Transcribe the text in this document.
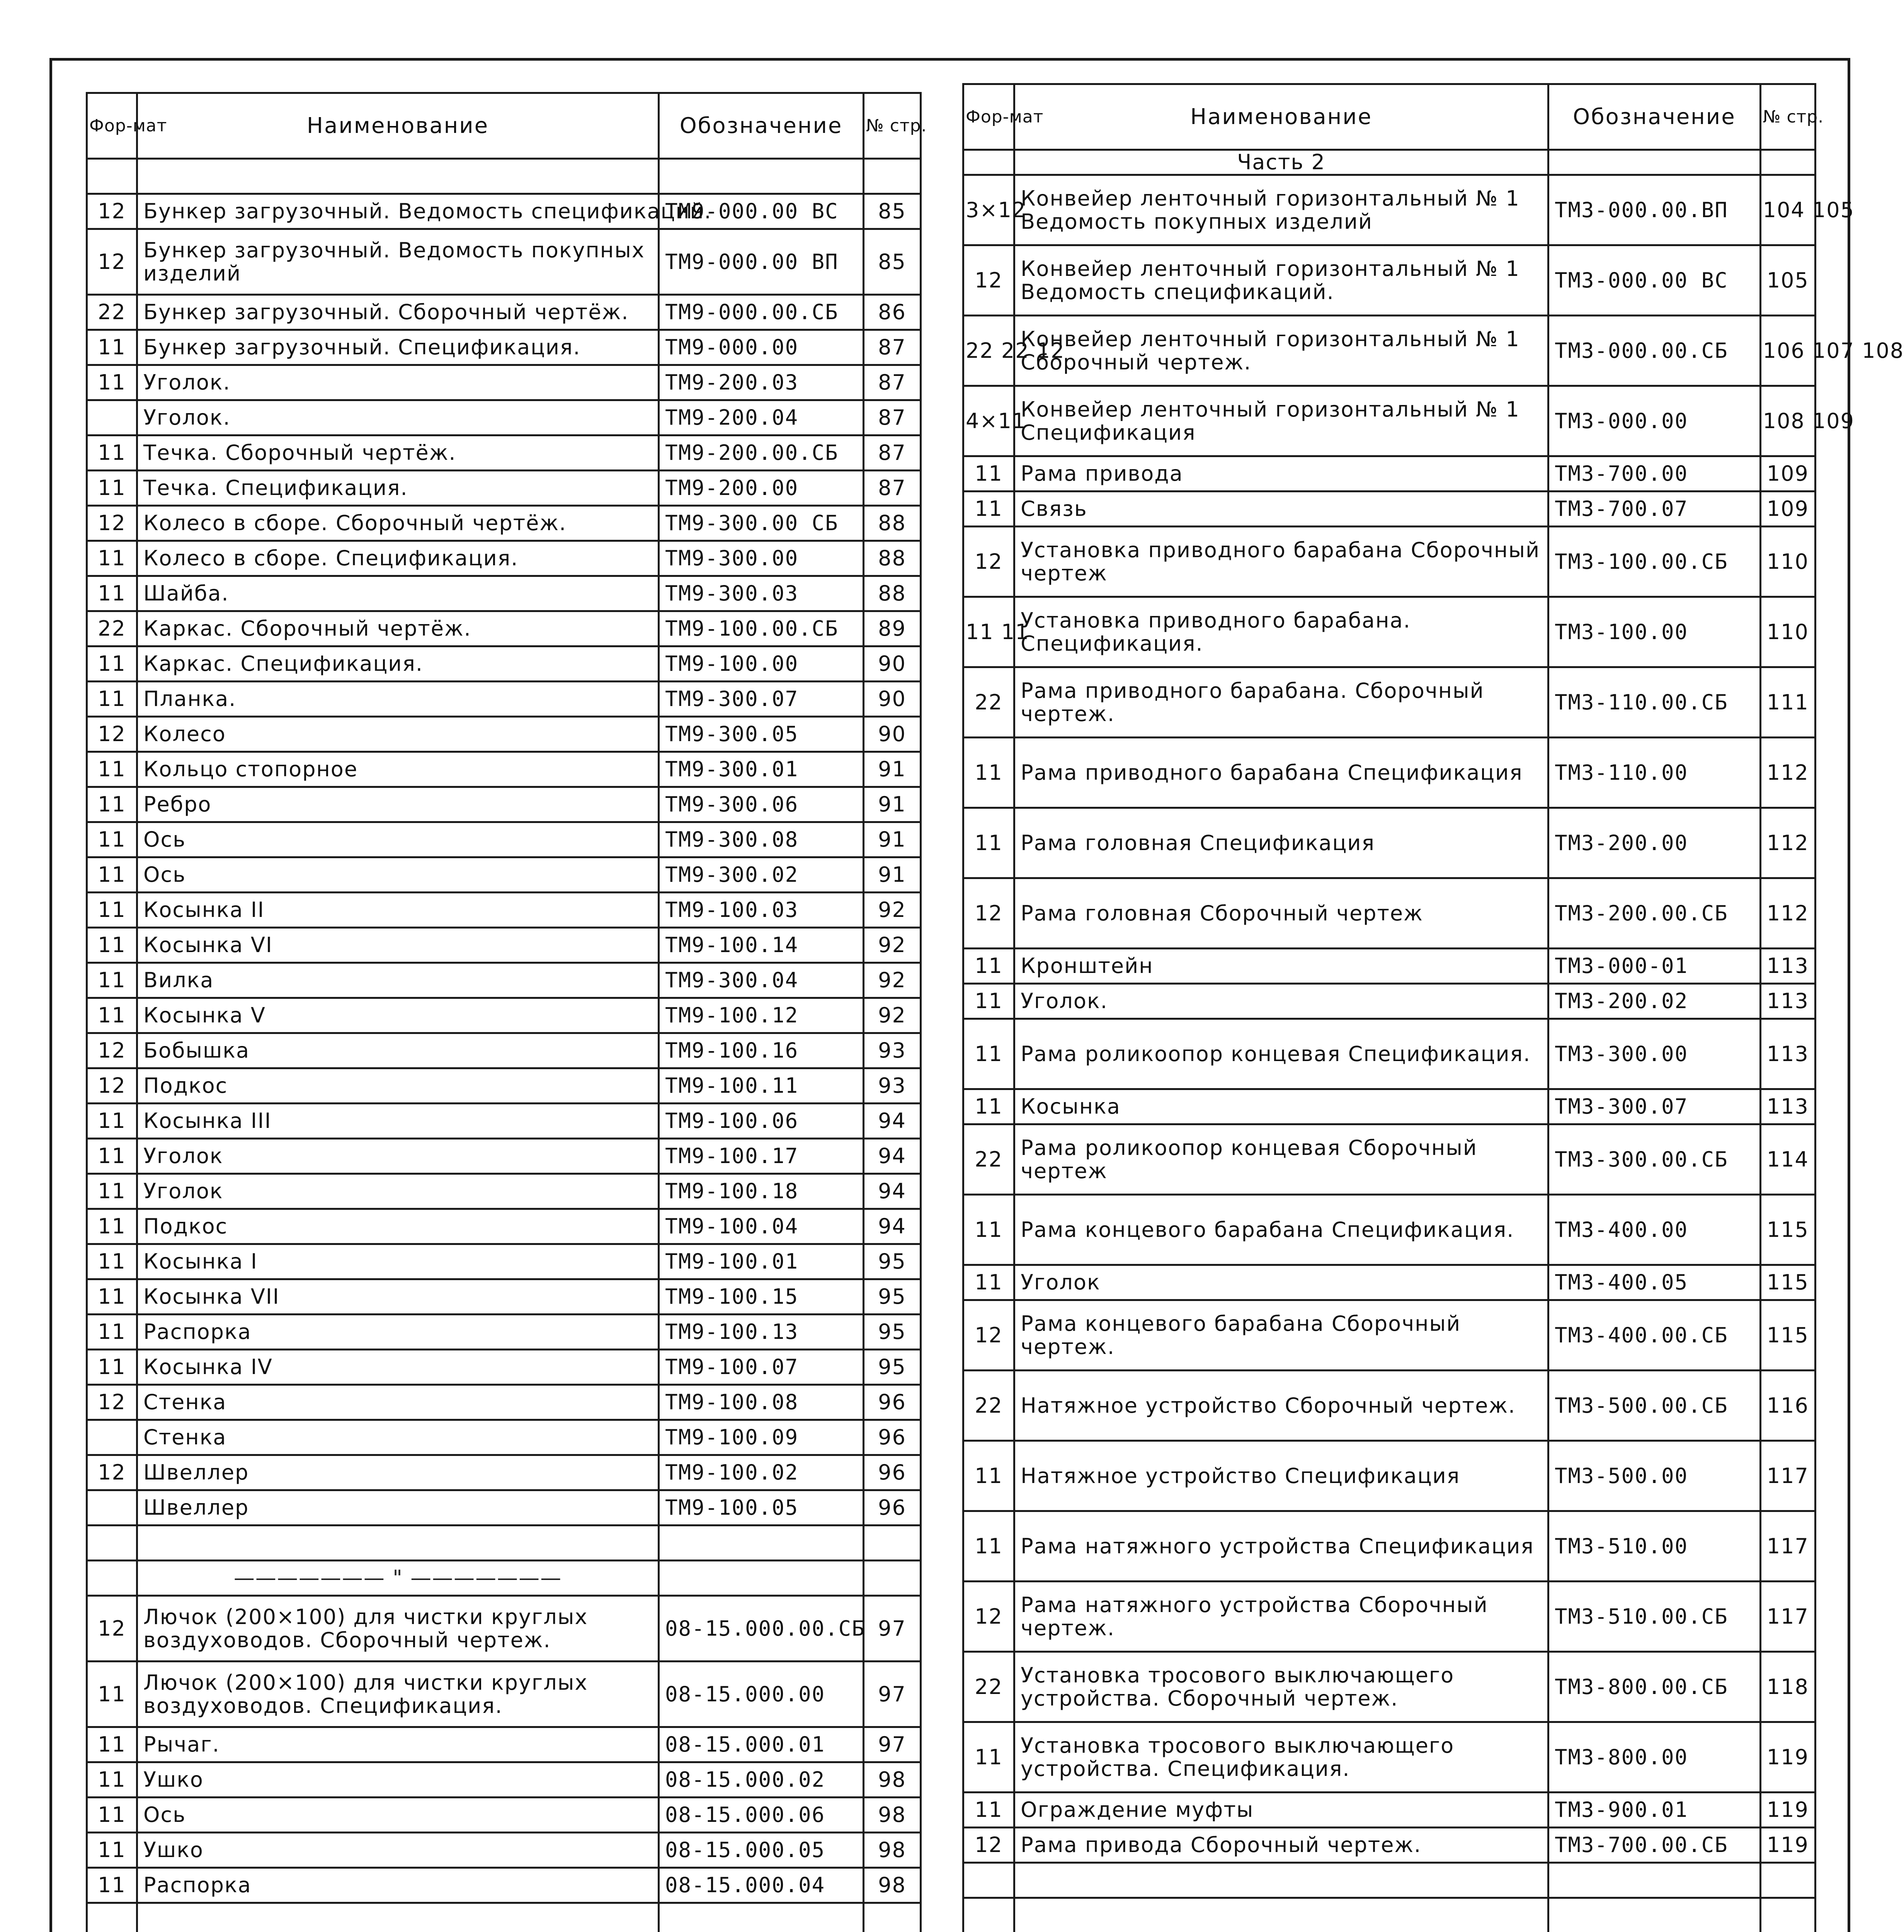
Фор-мат	Наименование	Обозначение	№ стр.

12	Бункер загрузочный. Ведомость спецификаций.	ТМ9-000.00 ВС	85
12	Бункер загрузочный. Ведомость покупных изделий	ТМ9-000.00 ВП	85
22	Бункер загрузочный. Сборочный чертёж.	ТМ9-000.00.СБ	86
11	Бункер загрузочный. Спецификация.	ТМ9-000.00	87
11	Уголок.	ТМ9-200.03	87
	Уголок.	ТМ9-200.04	87
11	Течка. Сборочный чертёж.	ТМ9-200.00.СБ	87
11	Течка. Спецификация.	ТМ9-200.00	87
12	Колесо в сборе. Сборочный чертёж.	ТМ9-300.00 СБ	88
11	Колесо в сборе. Спецификация.	ТМ9-300.00	88
11	Шайба.	ТМ9-300.03	88
22	Каркас. Сборочный чертёж.	ТМ9-100.00.СБ	89
11	Каркас. Спецификация.	ТМ9-100.00	90
11	Планка.	ТМ9-300.07	90
12	Колесо	ТМ9-300.05	90
11	Кольцо стопорное	ТМ9-300.01	91
11	Ребро	ТМ9-300.06	91
11	Ось	ТМ9-300.08	91
11	Ось	ТМ9-300.02	91
11	Косынка II	ТМ9-100.03	92
11	Косынка VI	ТМ9-100.14	92
11	Вилка	ТМ9-300.04	92
11	Косынка V	ТМ9-100.12	92
12	Бобышка	ТМ9-100.16	93
12	Подкос	ТМ9-100.11	93
11	Косынка III	ТМ9-100.06	94
11	Уголок	ТМ9-100.17	94
11	Уголок	ТМ9-100.18	94
11	Подкос	ТМ9-100.04	94
11	Косынка I	ТМ9-100.01	95
11	Косынка VII	ТМ9-100.15	95
11	Распорка	ТМ9-100.13	95
11	Косынка IV	ТМ9-100.07	95
12	Стенка	ТМ9-100.08	96
	Стенка	ТМ9-100.09	96
12	Швеллер	ТМ9-100.02	96
	Швеллер	ТМ9-100.05	96

	——————— " ———————		
12	Лючок (200×100) для чистки круглых воздуховодов. Сборочный чертеж.	08-15.000.00.СБ	97
11	Лючок (200×100) для чистки круглых воздуховодов. Спецификация.	08-15.000.00	97
11	Рычаг.	08-15.000.01	97
11	Ушко	08-15.000.02	98
11	Ось	08-15.000.06	98
11	Ушко	08-15.000.05	98
11	Распорка	08-15.000.04	98

Фор-мат	Наименование	Обозначение	№ стр.
	Часть 2		
3×12	Конвейер ленточный горизонтальный № 1 Ведомость покупных изделий	ТМ3-000.00.ВП	104 105
12	Конвейер ленточный горизонтальный № 1 Ведомость спецификаций.	ТМ3-000.00 ВС	105
22 22 12	Конвейер ленточный горизонтальный № 1 Сборочный чертеж.	ТМ3-000.00.СБ	106 107 108
4×11	Конвейер ленточный горизонтальный № 1 Спецификация	ТМ3-000.00	108 109
11	Рама привода	ТМ3-700.00	109
11	Связь	ТМ3-700.07	109
12	Установка приводного барабана Сборочный чертеж	ТМ3-100.00.СБ	110
11 11	Установка приводного барабана. Спецификация.	ТМ3-100.00	110
22	Рама приводного барабана. Сборочный чертеж.	ТМ3-110.00.СБ	111
11	Рама приводного барабана Спецификация	ТМ3-110.00	112
11	Рама головная Спецификация	ТМ3-200.00	112
12	Рама головная Сборочный чертеж	ТМ3-200.00.СБ	112
11	Кронштейн	ТМ3-000-01	113
11	Уголок.	ТМ3-200.02	113
11	Рама роликоопор концевая Спецификация.	ТМ3-300.00	113
11	Косынка	ТМ3-300.07	113
22	Рама роликоопор концевая Сборочный чертеж	ТМ3-300.00.СБ	114
11	Рама концевого барабана Спецификация.	ТМ3-400.00	115
11	Уголок	ТМ3-400.05	115
12	Рама концевого барабана Сборочный чертеж.	ТМ3-400.00.СБ	115
22	Натяжное устройство Сборочный чертеж.	ТМ3-500.00.СБ	116
11	Натяжное устройство Спецификация	ТМ3-500.00	117
11	Рама натяжного устройства Спецификация	ТМ3-510.00	117
12	Рама натяжного устройства Сборочный чертеж.	ТМ3-510.00.СБ	117
22	Установка тросового выключающего устройства. Сборочный чертеж.	ТМ3-800.00.СБ	118
11	Установка тросового выключающего устройства. Спецификация.	ТМ3-800.00	119
11	Ограждение муфты	ТМ3-900.01	119
12	Рама привода Сборочный чертеж.	ТМ3-700.00.СБ	119
